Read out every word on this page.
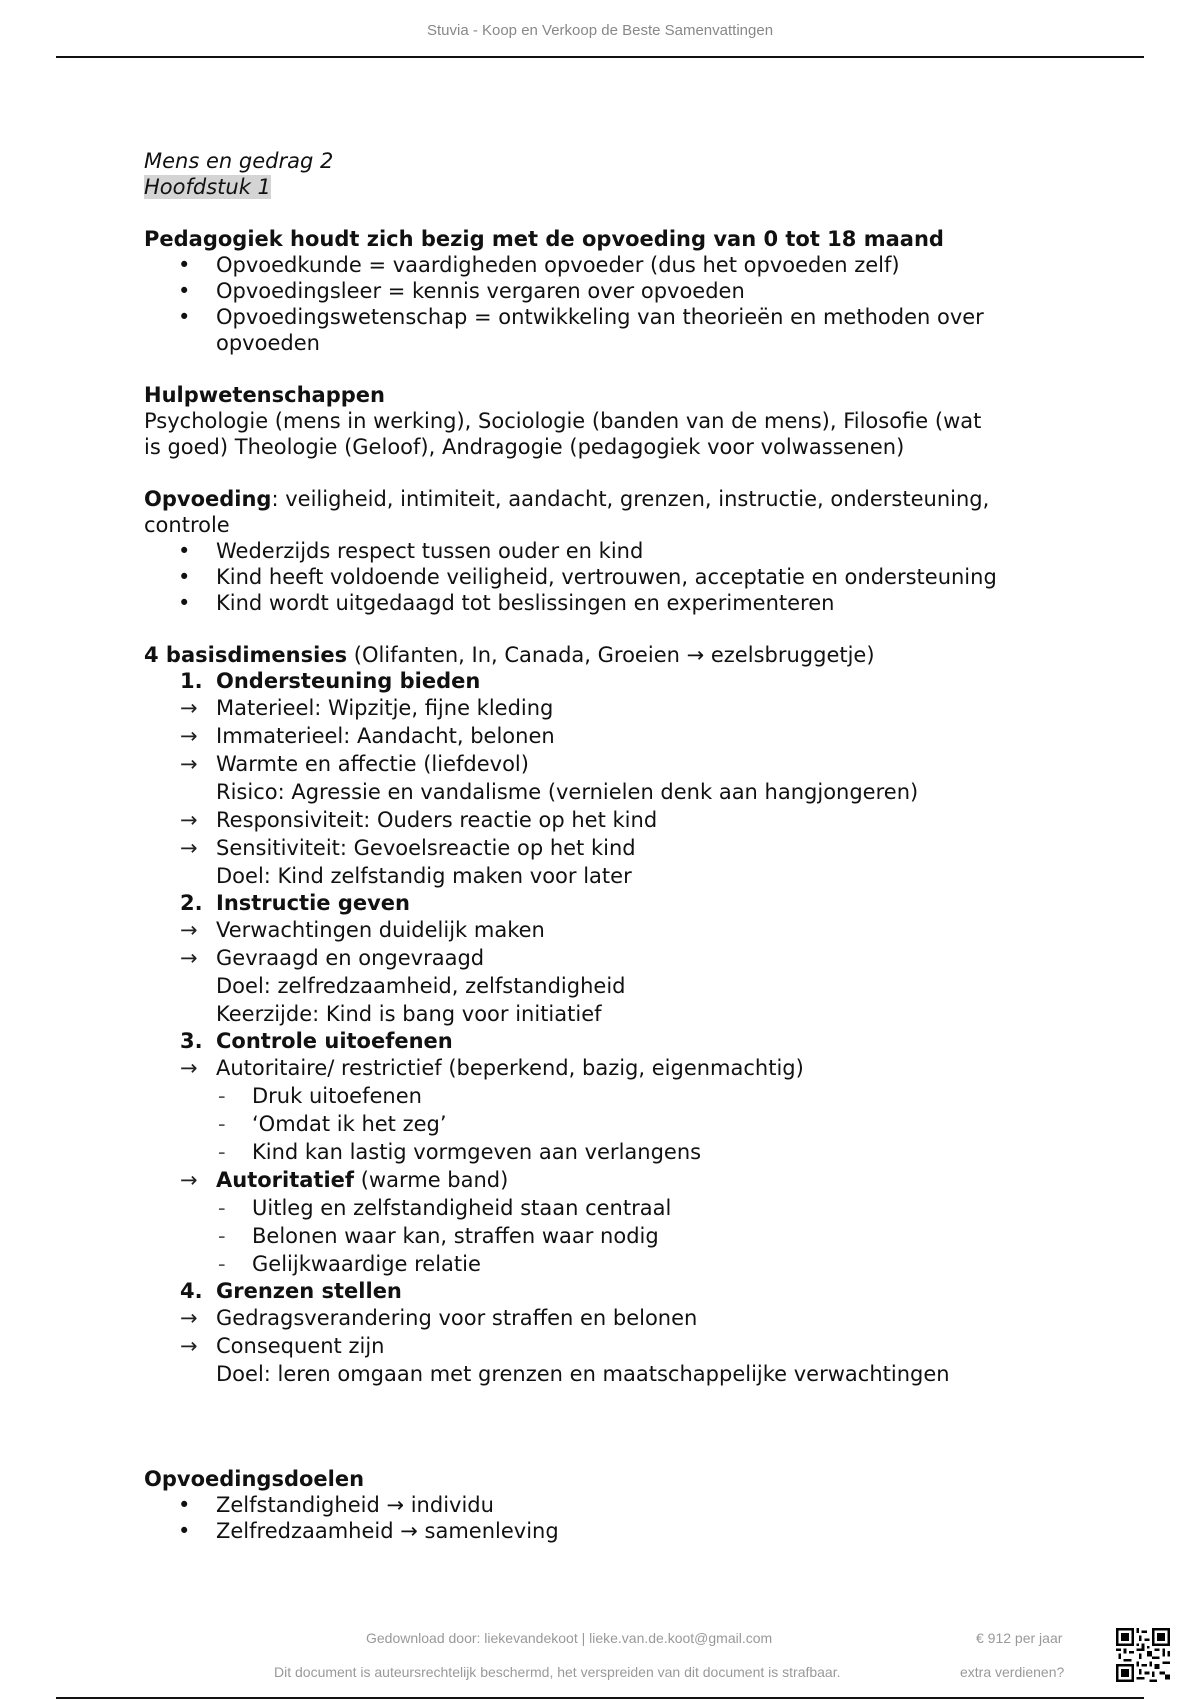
Stuvia - Koop en Verkoop de Beste Samenvattingen

Mens en gedrag 2

Hoofdstuk 1

Pedagogiek houdt zich bezig met de opvoeding van 0 tot 18 maand

• Opvoedkunde = vaardigheden opvoeder (dus het opvoeden zelf)

• Opvoedingsleer = kennis vergaren over opvoeden

• Opvoedingswetenschap = ontwikkeling van theorieën en methoden over opvoeden

Hulpwetenschappen

Psychologie (mens in werking), Sociologie (banden van de mens), Filosofie (wat

is goed) Theologie (Geloof), Andragogie (pedagogiek voor volwassenen)

Opvoeding: veiligheid, intimiteit, aandacht, grenzen, instructie, ondersteuning,

controle

• Wederzijds respect tussen ouder en kind

• Kind heeft voldoende veiligheid, vertrouwen, acceptatie en ondersteuning

• Kind wordt uitgedaagd tot beslissingen en experimenteren

4 basisdimensies (Olifanten, In, Canada, Groeien → ezelsbruggetje)

1. Ondersteuning bieden

→ Materieel: Wipzitje, fijne kleding

→ Immaterieel: Aandacht, belonen

→ Warmte en affectie (liefdevol)

Risico: Agressie en vandalisme (vernielen denk aan hangjongeren)

→ Responsiviteit: Ouders reactie op het kind

→ Sensitiviteit: Gevoelsreactie op het kind

Doel: Kind zelfstandig maken voor later

2. Instructie geven

→ Verwachtingen duidelijk maken

→ Gevraagd en ongevraagd

Doel: zelfredzaamheid, zelfstandigheid

Keerzijde: Kind is bang voor initiatief

3. Controle uitoefenen

→ Autoritaire/ restrictief (beperkend, bazig, eigenmachtig)

- Druk uitoefenen

- ‘Omdat ik het zeg’

- Kind kan lastig vormgeven aan verlangens

→ Autoritatief (warme band)

- Uitleg en zelfstandigheid staan centraal

- Belonen waar kan, straffen waar nodig

- Gelijkwaardige relatie

4. Grenzen stellen

→ Gedragsverandering voor straffen en belonen

→ Consequent zijn

Doel: leren omgaan met grenzen en maatschappelijke verwachtingen

Opvoedingsdoelen

• Zelfstandigheid → individu

• Zelfredzaamheid → samenleving

Gedownload door: liekevandekoot | lieke.van.de.koot@gmail.com
Dit document is auteursrechtelijk beschermd, het verspreiden van dit document is strafbaar.
€ 912 per jaar
extra verdienen?
